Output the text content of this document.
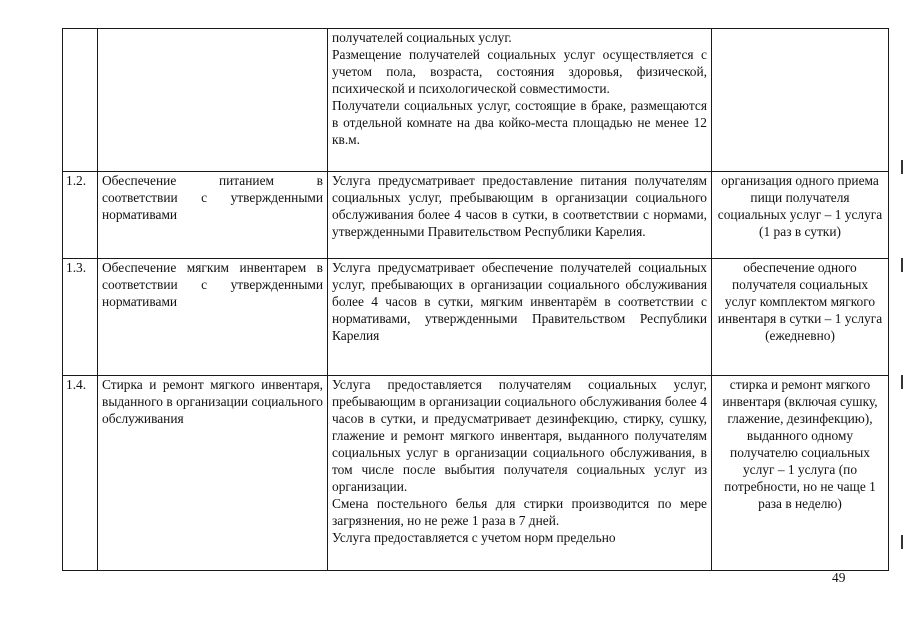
		получателей социальных услуг.
Размещение получателей социальных услуг осуществляется с учетом пола, возраста, состояния здоровья, физической, психической и психологической совместимости.
Получатели социальных услуг, состоящие в браке, размещаются в отдельной комнате на два койко-места площадью не менее 12 кв.м.	

1.2.	Обеспечение питанием в соответствии с утвержденными нормативами	Услуга предусматривает предоставление питания получателям социальных услуг, пребывающим в организации социального обслуживания более 4 часов в сутки, в соответствии с нормами, утвержденными Правительством Республики Карелия.	организация одного приема пищи получателя социальных услуг – 1 услуга (1 раз в сутки)
1.3.	Обеспечение мягким инвентарем в соответствии с утвержденными нормативами	Услуга предусматривает обеспечение получателей социальных услуг, пребывающих в организации социального обслуживания более 4 часов в сутки, мягким инвентарём в соответствии с нормативами, утвержденными Правительством Республики Карелия	обеспечение одного получателя социальных услуг комплектом мягкого инвентаря в сутки – 1 услуга (ежедневно)
1.4.	Стирка и ремонт мягкого инвентаря, выданного в организации социального обслуживания	Услуга предоставляется получателям социальных услуг, пребывающим в организации социального обслуживания более 4 часов в сутки, и предусматривает дезинфекцию, стирку, сушку, глажение и ремонт мягкого инвентаря, выданного получателям социальных услуг в организации социального обслуживания, в том числе после выбытия получателя социальных услуг из организации.
Смена постельного белья для стирки производится по мере загрязнения, но не реже 1 раза в 7 дней.
Услуга предоставляется с учетом норм предельно	стирка и ремонт мягкого инвентаря (включая сушку, глажение, дезинфекцию), выданного одному получателю социальных услуг – 1 услуга (по потребности, но не чаще 1 раза в неделю)
49
